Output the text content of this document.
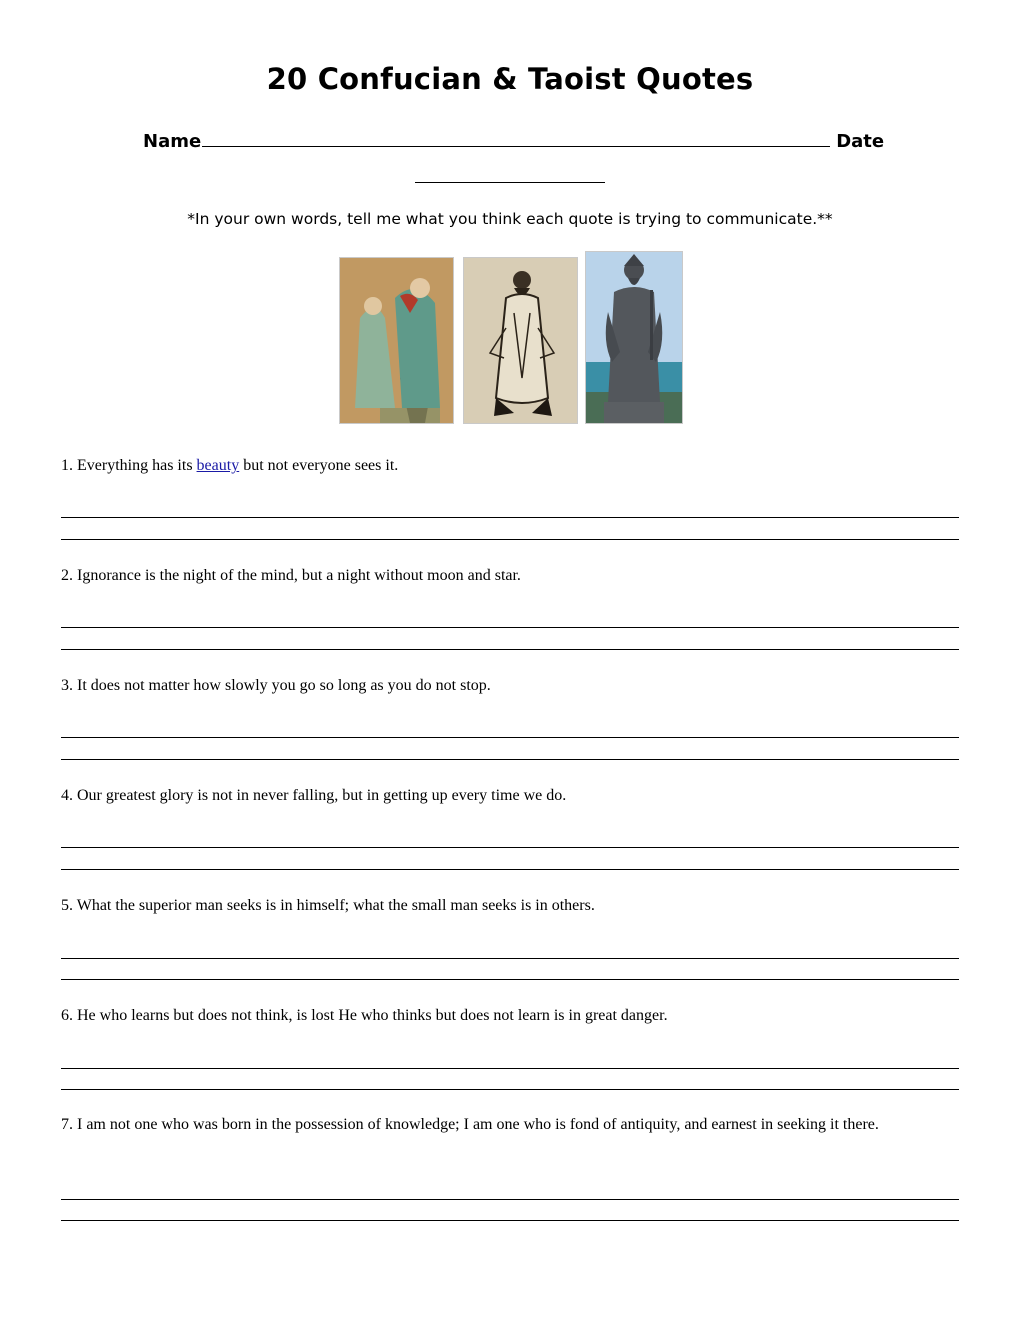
20 Confucian & Taoist Quotes
Name	Date
*In your own words, tell me what you think each quote is trying to communicate.**
1. Everything has its beauty but not everyone sees it.
2. Ignorance is the night of the mind, but a night without moon and star.
3. It does not matter how slowly you go so long as you do not stop.
4. Our greatest glory is not in never falling, but in getting up every time we do.
5. What the superior man seeks is in himself; what the small man seeks is in others.
6. He who learns but does not think, is lost He who thinks but does not learn is in great danger.
7. I am not one who was born in the possession of knowledge; I am one who is fond of antiquity, and earnest in seeking it there.
